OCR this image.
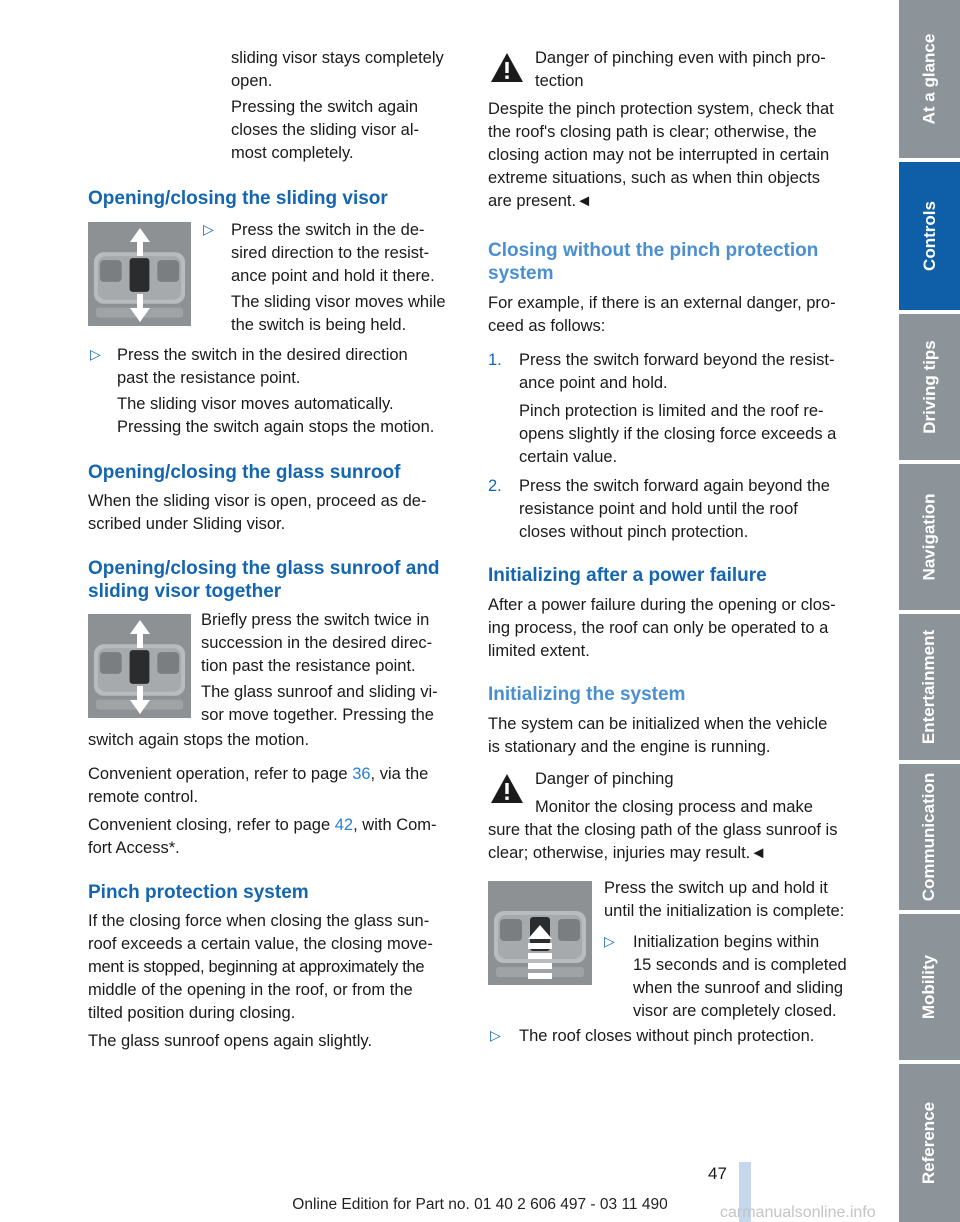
sliding visor stays completely

open.

Pressing the switch again

closes the sliding visor al-

most completely.

Opening/closing the sliding visor
▷ Press the switch in the de-

sired direction to the resist-

ance point and hold it there.

The sliding visor moves while

the switch is being held.

▷ Press the switch in the desired direction

past the resistance point.

The sliding visor moves automatically.

Pressing the switch again stops the motion.

Opening/closing the glass sunroof

When the sliding visor is open, proceed as de-

scribed under Sliding visor.

Opening/closing the glass sunroof and
sliding visor together

Briefly press the switch twice in

succession in the desired direc-

tion past the resistance point.

The glass sunroof and sliding vi-

sor move together. Pressing the

switch again stops the motion.

Convenient operation, refer to page 36, via the

remote control.

Convenient closing, refer to page 42, with Com-

fort Access*.

Pinch protection system

If the closing force when closing the glass sun-

roof exceeds a certain value, the closing move-

ment is stopped, beginning at approximately the

middle of the opening in the roof, or from the

tilted position during closing.

The glass sunroof opens again slightly.

Danger of pinching even with pinch pro-

tection

Despite the pinch protection system, check that

the roof's closing path is clear; otherwise, the

closing action may not be interrupted in certain

extreme situations, such as when thin objects

are present.◄

Closing without the pinch protection
system

For example, if there is an external danger, pro-

ceed as follows:

1. Press the switch forward beyond the resist-

ance point and hold.

Pinch protection is limited and the roof re-

opens slightly if the closing force exceeds a

certain value.

2. Press the switch forward again beyond the

resistance point and hold until the roof

closes without pinch protection.

Initializing after a power failure

After a power failure during the opening or clos-

ing process, the roof can only be operated to a

limited extent.

Initializing the system

The system can be initialized when the vehicle

is stationary and the engine is running.

Danger of pinching

Monitor the closing process and make

sure that the closing path of the glass sunroof is

clear; otherwise, injuries may result.◄

Press the switch up and hold it

until the initialization is complete:

▷ Initialization begins within

15 seconds and is completed

when the sunroof and sliding

visor are completely closed.

▷ The roof closes without pinch protection.

At a glance
Controls
Driving tips
Navigation
Entertainment
Communication
Mobility
Reference
47
Online Edition for Part no. 01 40 2 606 497 - 03 11 490	carmanualsonline.info
